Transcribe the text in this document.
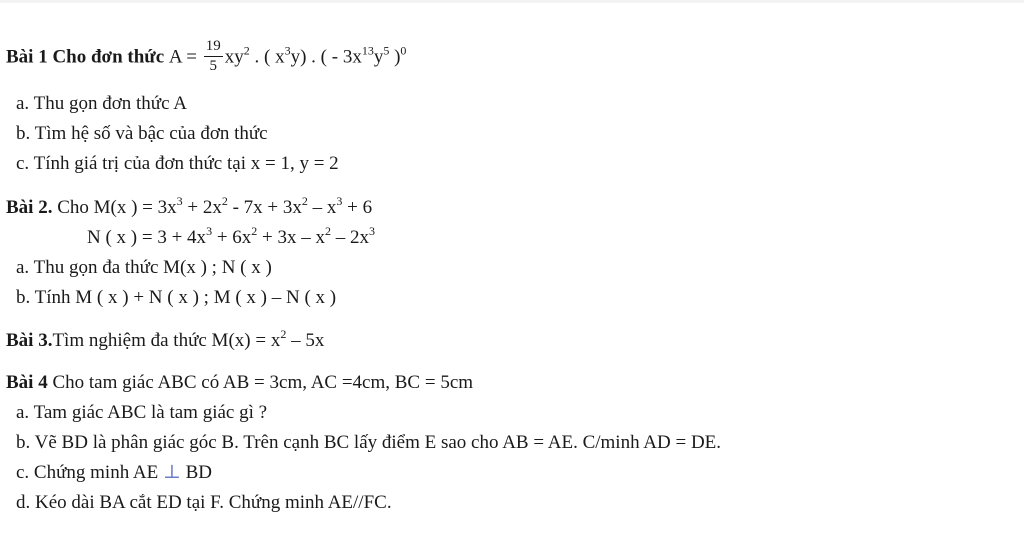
Bài 1 Cho đơn thức $A = \frac{19}{5} xy^2$ . ( $x^3y$) . ( - $3x^{13}y^5$ )$^0$
a. Thu gọn đơn thức A
b. Tìm hệ số và bậc của đơn thức
c. Tính giá trị của đơn thức tại x = 1, y = 2
Bài 2. Cho M(x ) = $3x^3 + 2x^2 - 7x + 3x^2 - x^3 + 6$
N ( x ) = $3 + 4x^3 + 6x^2 + 3x - x^2 - 2x^3$
a. Thu gọn đa thức M(x ) ; N ( x )
b. Tính M ( x ) + N ( x ) ; M ( x ) – N ( x )
Bài 3.Tìm nghiệm đa thức $M(x) = x^2 - 5x$
Bài 4 Cho tam giác ABC có AB = 3cm, AC =4cm, BC = 5cm
a. Tam giác ABC là tam giác gì ?
b. Vẽ BD là phân giác góc B. Trên cạnh BC lấy điểm E sao cho AB = AE. C/minh AD = DE.
c. Chứng minh AE ⊥ BD
d. Kéo dài BA cắt ED tại F. Chứng minh AE//FC.
